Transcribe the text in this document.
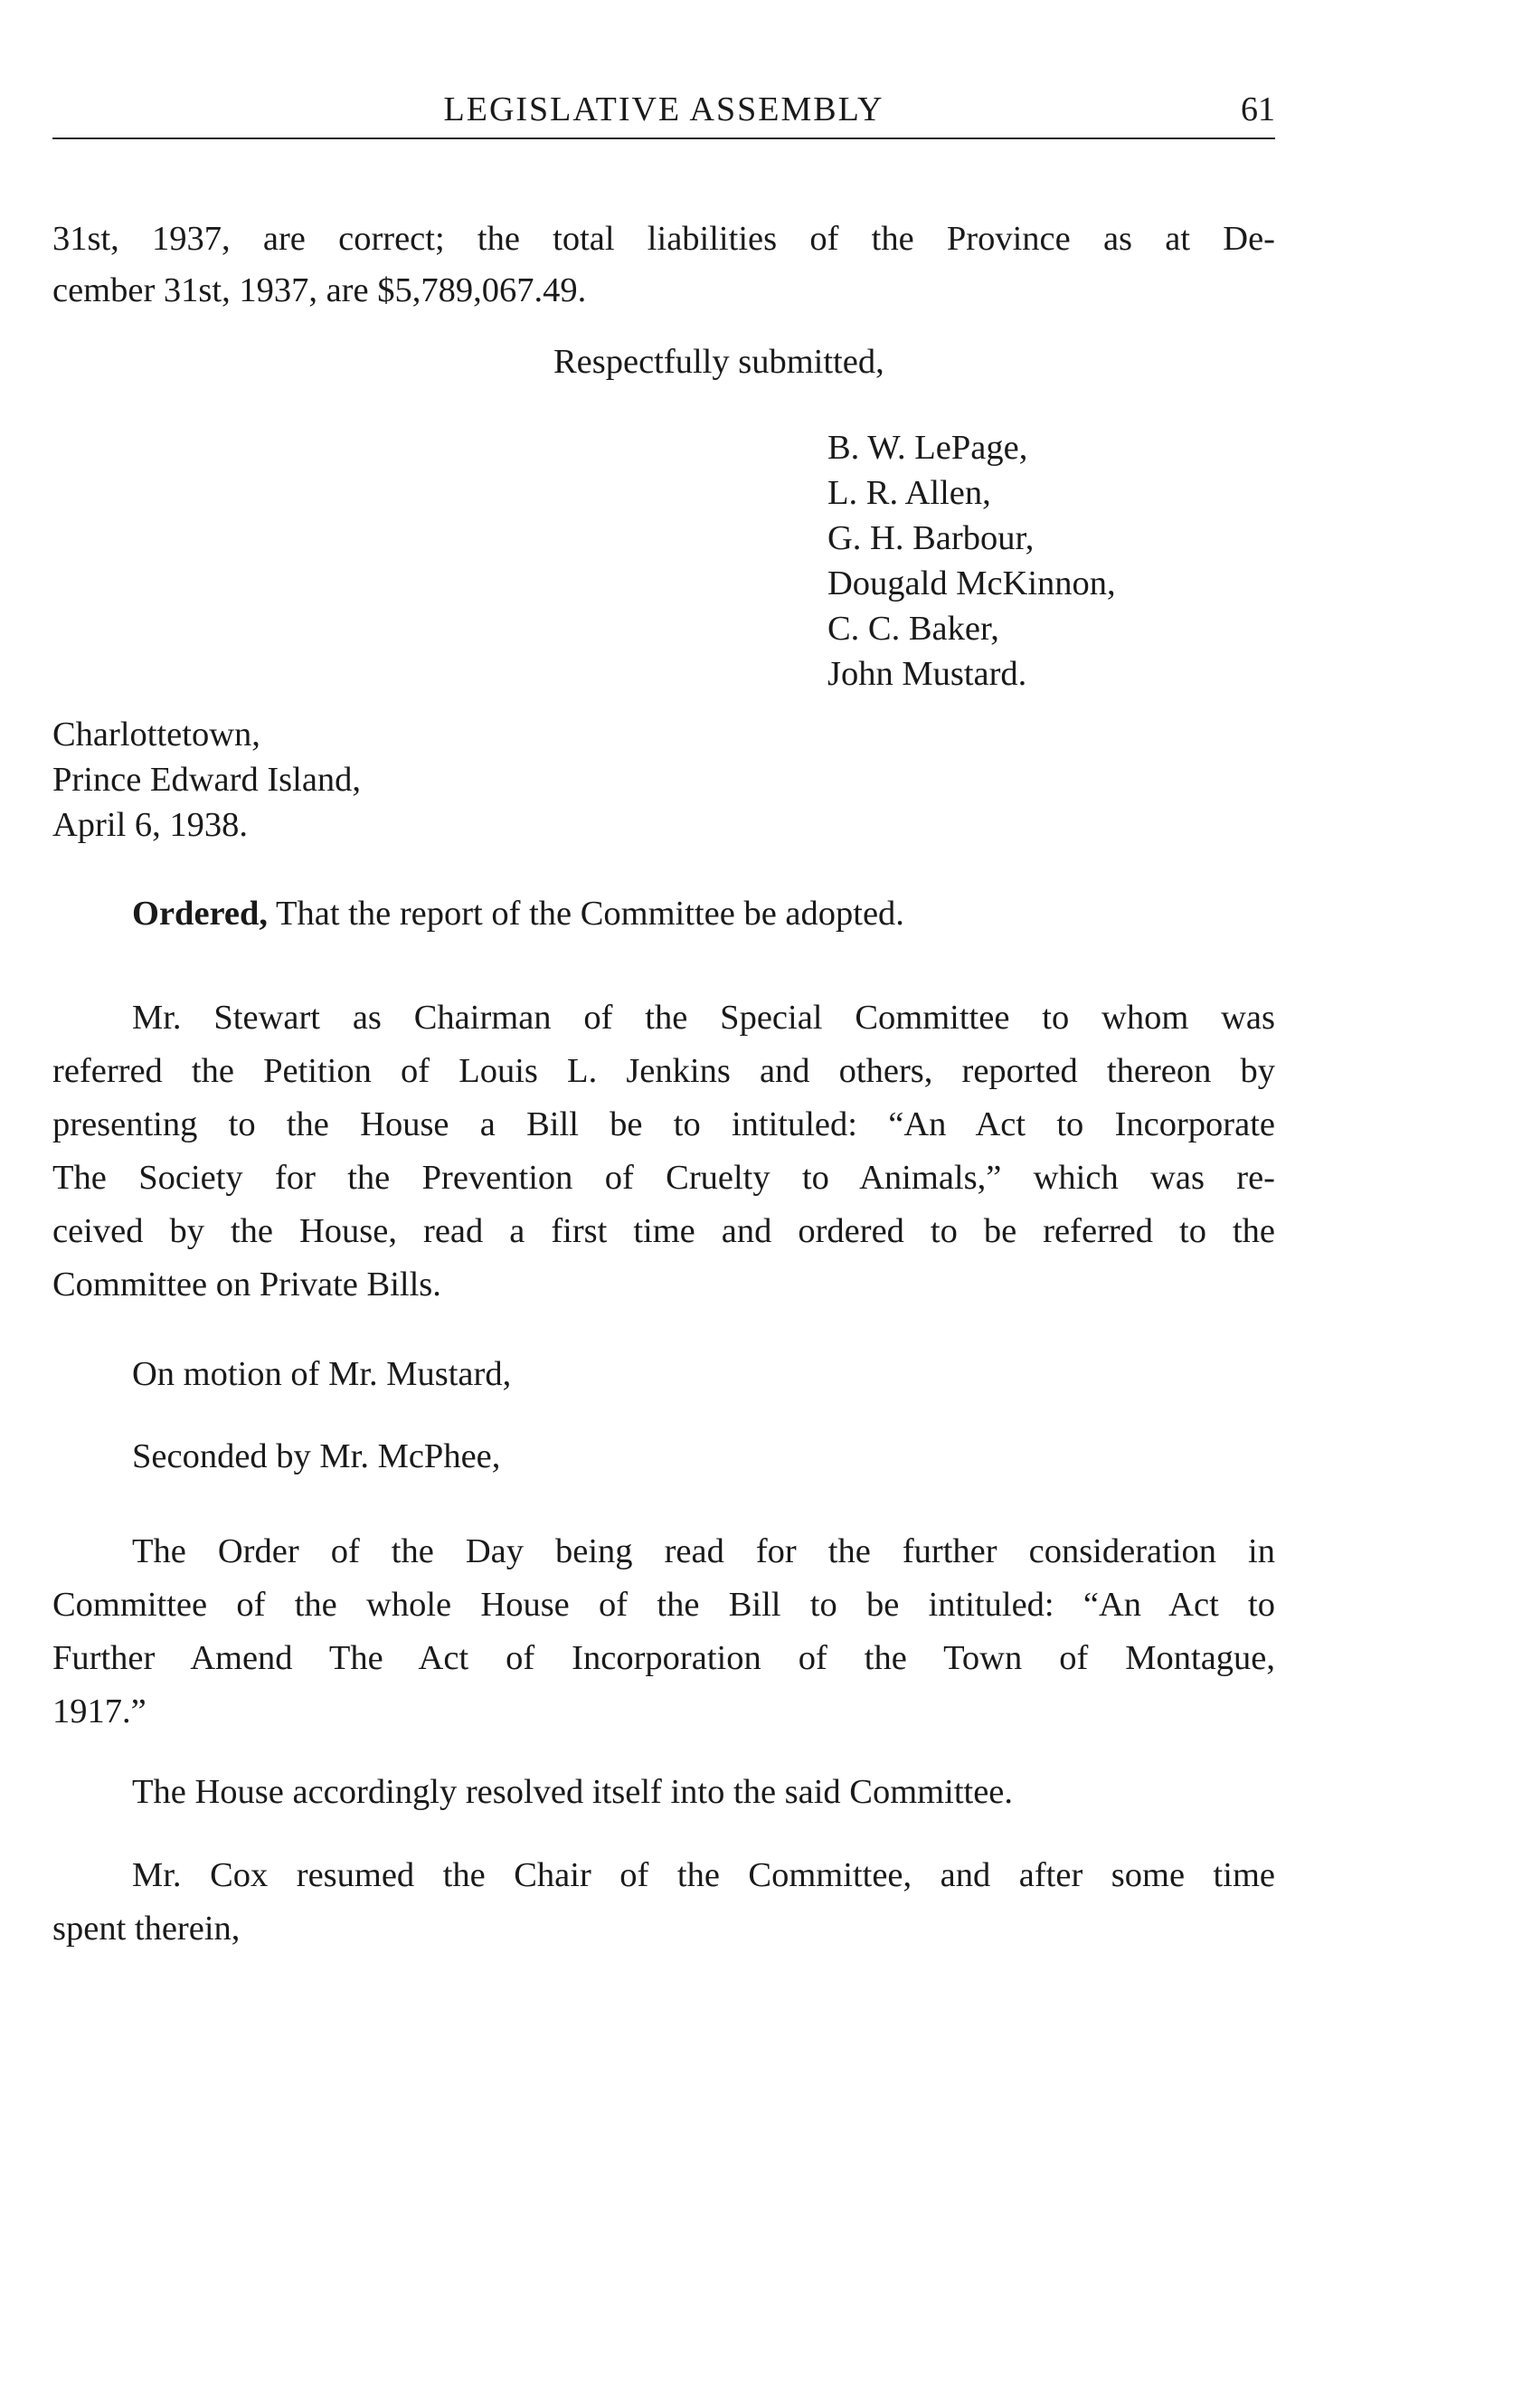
LEGISLATIVE ASSEMBLY	61
31st, 1937, are correct; the total liabilities of the Province as at De-
cember 31st, 1937, are $5,789,067.49.
Respectfully submitted,
B. W. LePage,
L. R. Allen,
G. H. Barbour,
Dougald McKinnon,
C. C. Baker,
John Mustard.
Charlottetown,
Prince Edward Island,
April 6, 1938.
Ordered, That the report of the Committee be adopted.
Mr. Stewart as Chairman of the Special Committee to whom was
referred the Petition of Louis L. Jenkins and others, reported thereon by
presenting to the House a Bill be to intituled: “An Act to Incorporate
The Society for the Prevention of Cruelty to Animals,” which was re-
ceived by the House, read a first time and ordered to be referred to the
Committee on Private Bills.
On motion of Mr. Mustard,
Seconded by Mr. McPhee,
The Order of the Day being read for the further consideration in
Committee of the whole House of the Bill to be intituled: “An Act to
Further Amend The Act of Incorporation of the Town of Montague,
1917.”
The House accordingly resolved itself into the said Committee.
Mr. Cox resumed the Chair of the Committee, and after some time
spent therein,
